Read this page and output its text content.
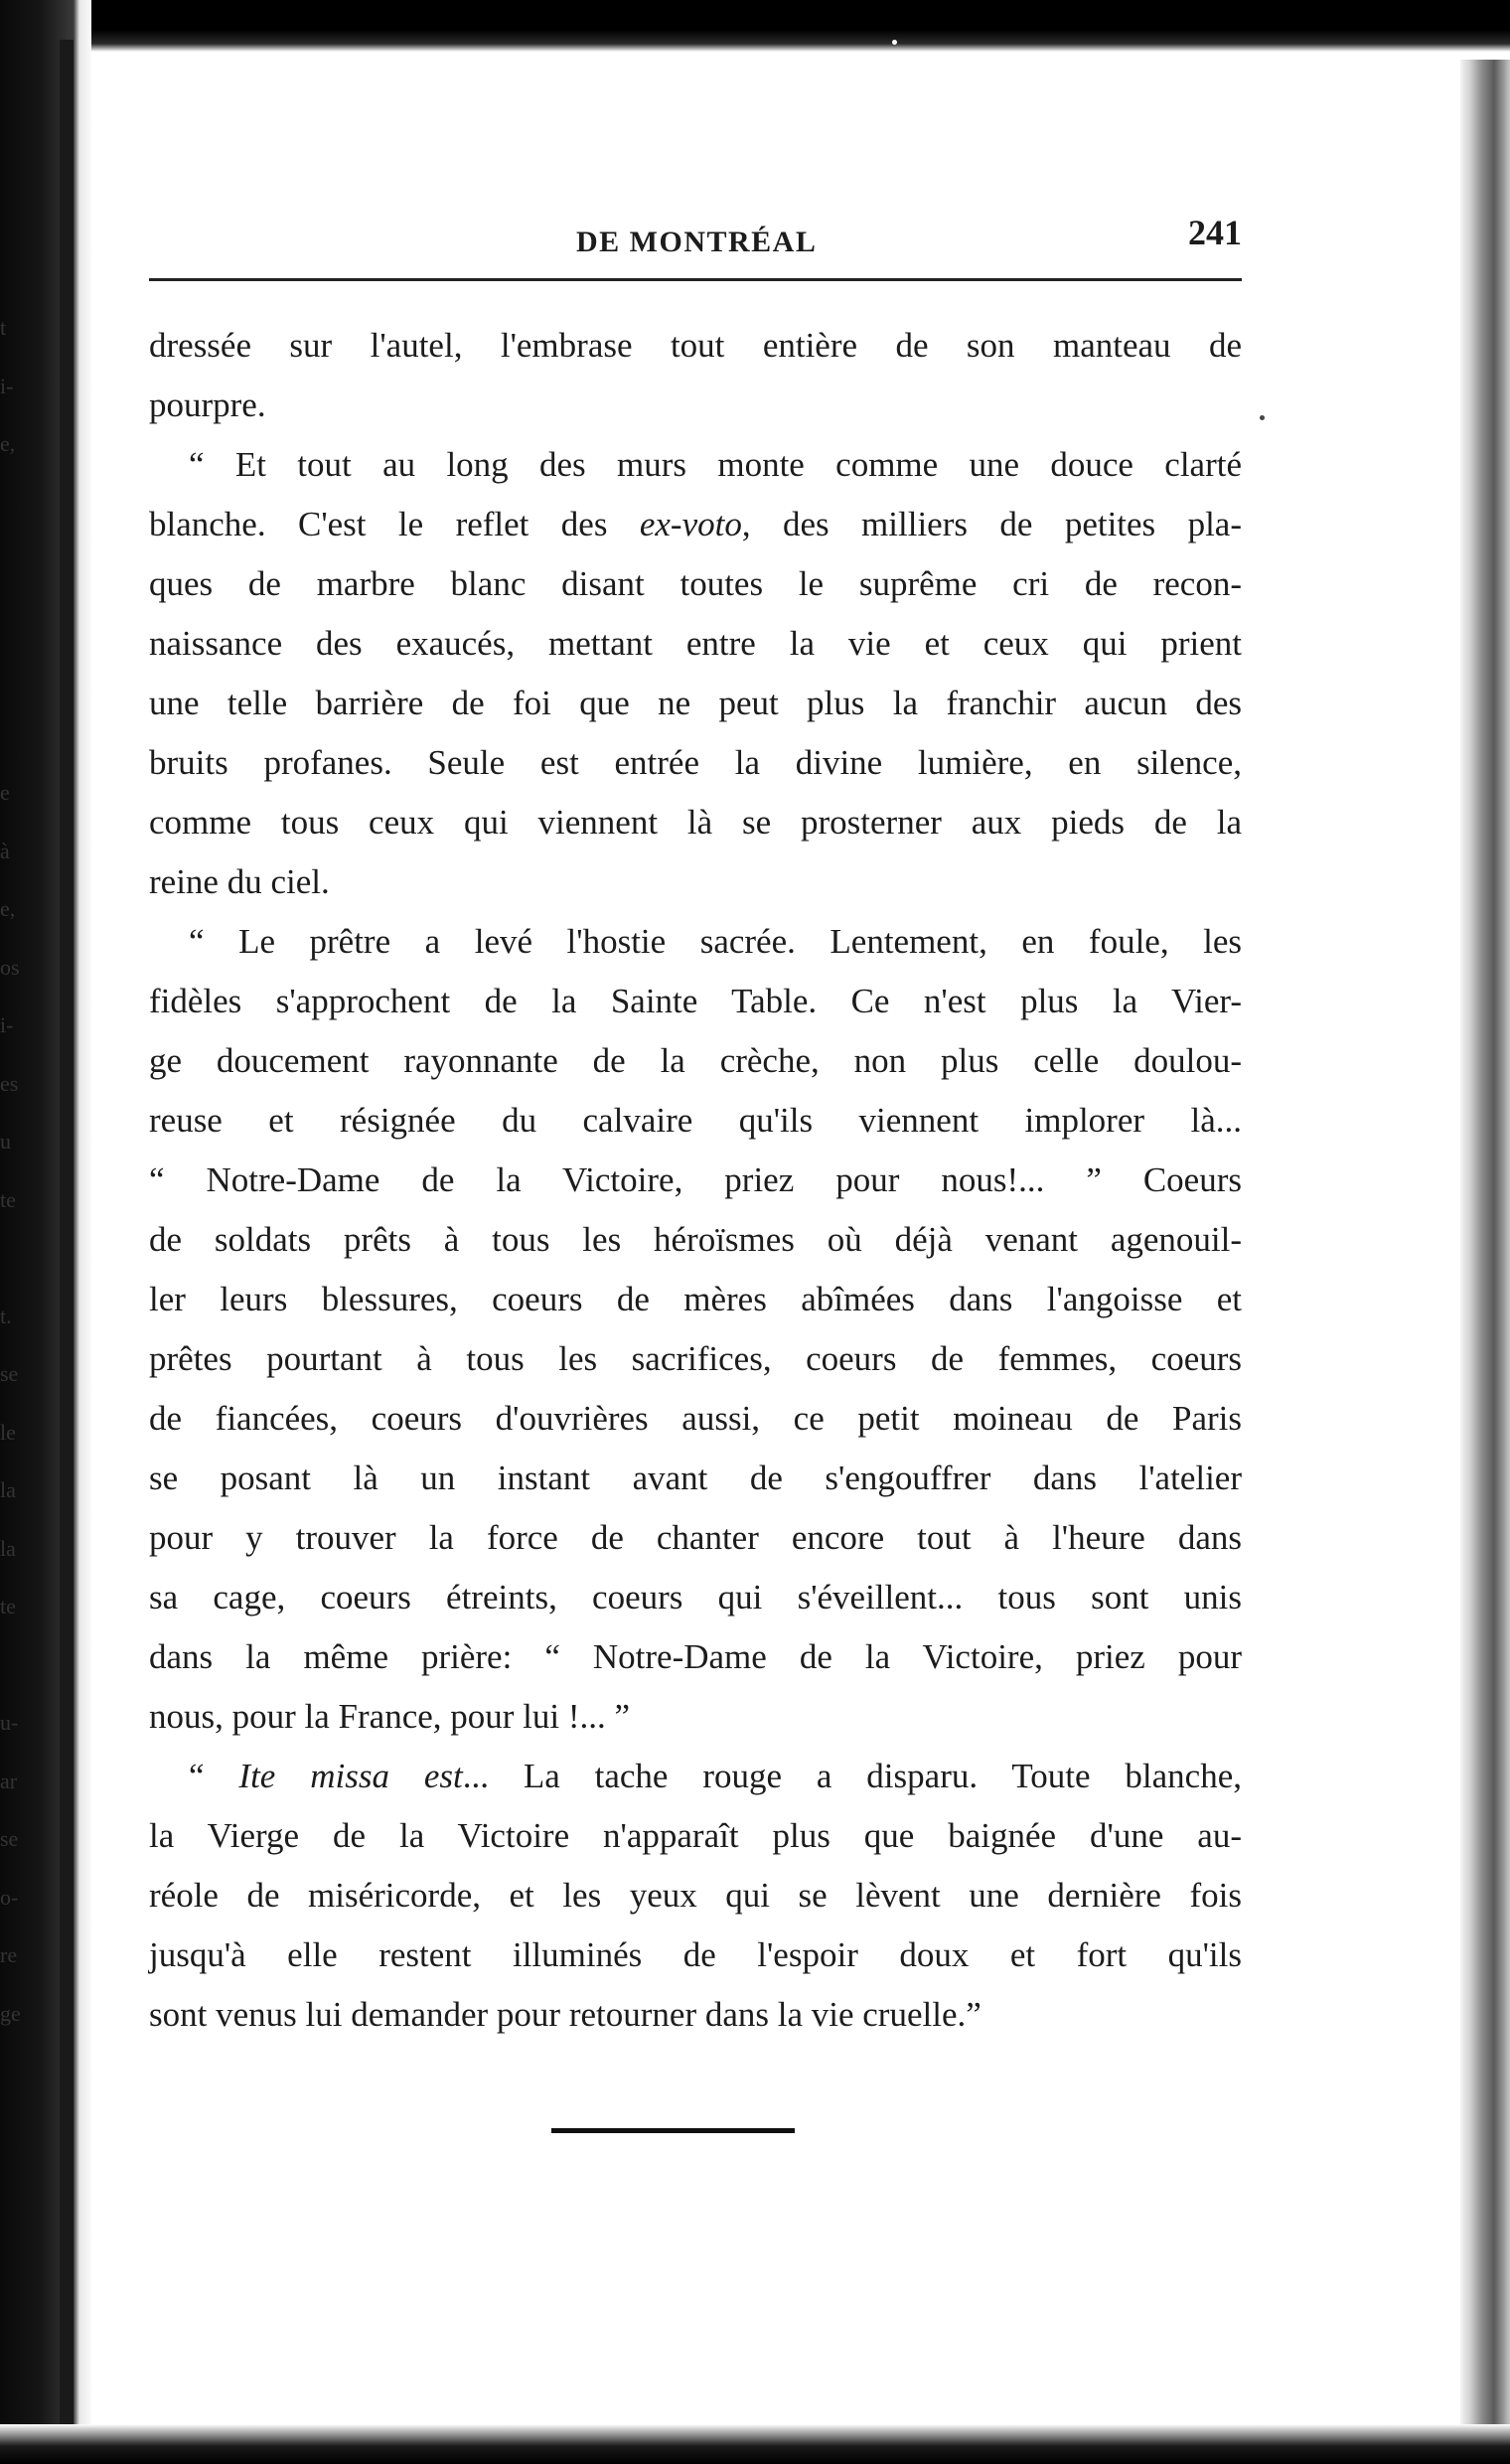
t
i-
e,
e
à
e,
os
i-
es
u
te
t.
se
le
la
la
te
u-
ar
se
o-
re
ge
DE MONTRÉAL	241
dressée sur l'autel, l'embrase tout entière de son manteau de
pourpre.
“ Et tout au long des murs monte comme une douce clarté
blanche. C'est le reflet des ex-voto, des milliers de petites pla-
ques de marbre blanc disant toutes le suprême cri de recon-
naissance des exaucés, mettant entre la vie et ceux qui prient
une telle barrière de foi que ne peut plus la franchir aucun des
bruits profanes. Seule est entrée la divine lumière, en silence,
comme tous ceux qui viennent là se prosterner aux pieds de la
reine du ciel.
“ Le prêtre a levé l'hostie sacrée. Lentement, en foule, les
fidèles s'approchent de la Sainte Table. Ce n'est plus la Vier-
ge doucement rayonnante de la crèche, non plus celle doulou-
reuse et résignée du calvaire qu'ils viennent implorer là...
“ Notre-Dame de la Victoire, priez pour nous!... ” Coeurs
de soldats prêts à tous les héroïsmes où déjà venant agenouil-
ler leurs blessures, coeurs de mères abîmées dans l'angoisse et
prêtes pourtant à tous les sacrifices, coeurs de femmes, coeurs
de fiancées, coeurs d'ouvrières aussi, ce petit moineau de Paris
se posant là un instant avant de s'engouffrer dans l'atelier
pour y trouver la force de chanter encore tout à l'heure dans
sa cage, coeurs étreints, coeurs qui s'éveillent... tous sont unis
dans la même prière: “ Notre-Dame de la Victoire, priez pour
nous, pour la France, pour lui !... ”
“ Ite missa est... La tache rouge a disparu. Toute blanche,
la Vierge de la Victoire n'apparaît plus que baignée d'une au-
réole de miséricorde, et les yeux qui se lèvent une dernière fois
jusqu'à elle restent illuminés de l'espoir doux et fort qu'ils
sont venus lui demander pour retourner dans la vie cruelle.”
